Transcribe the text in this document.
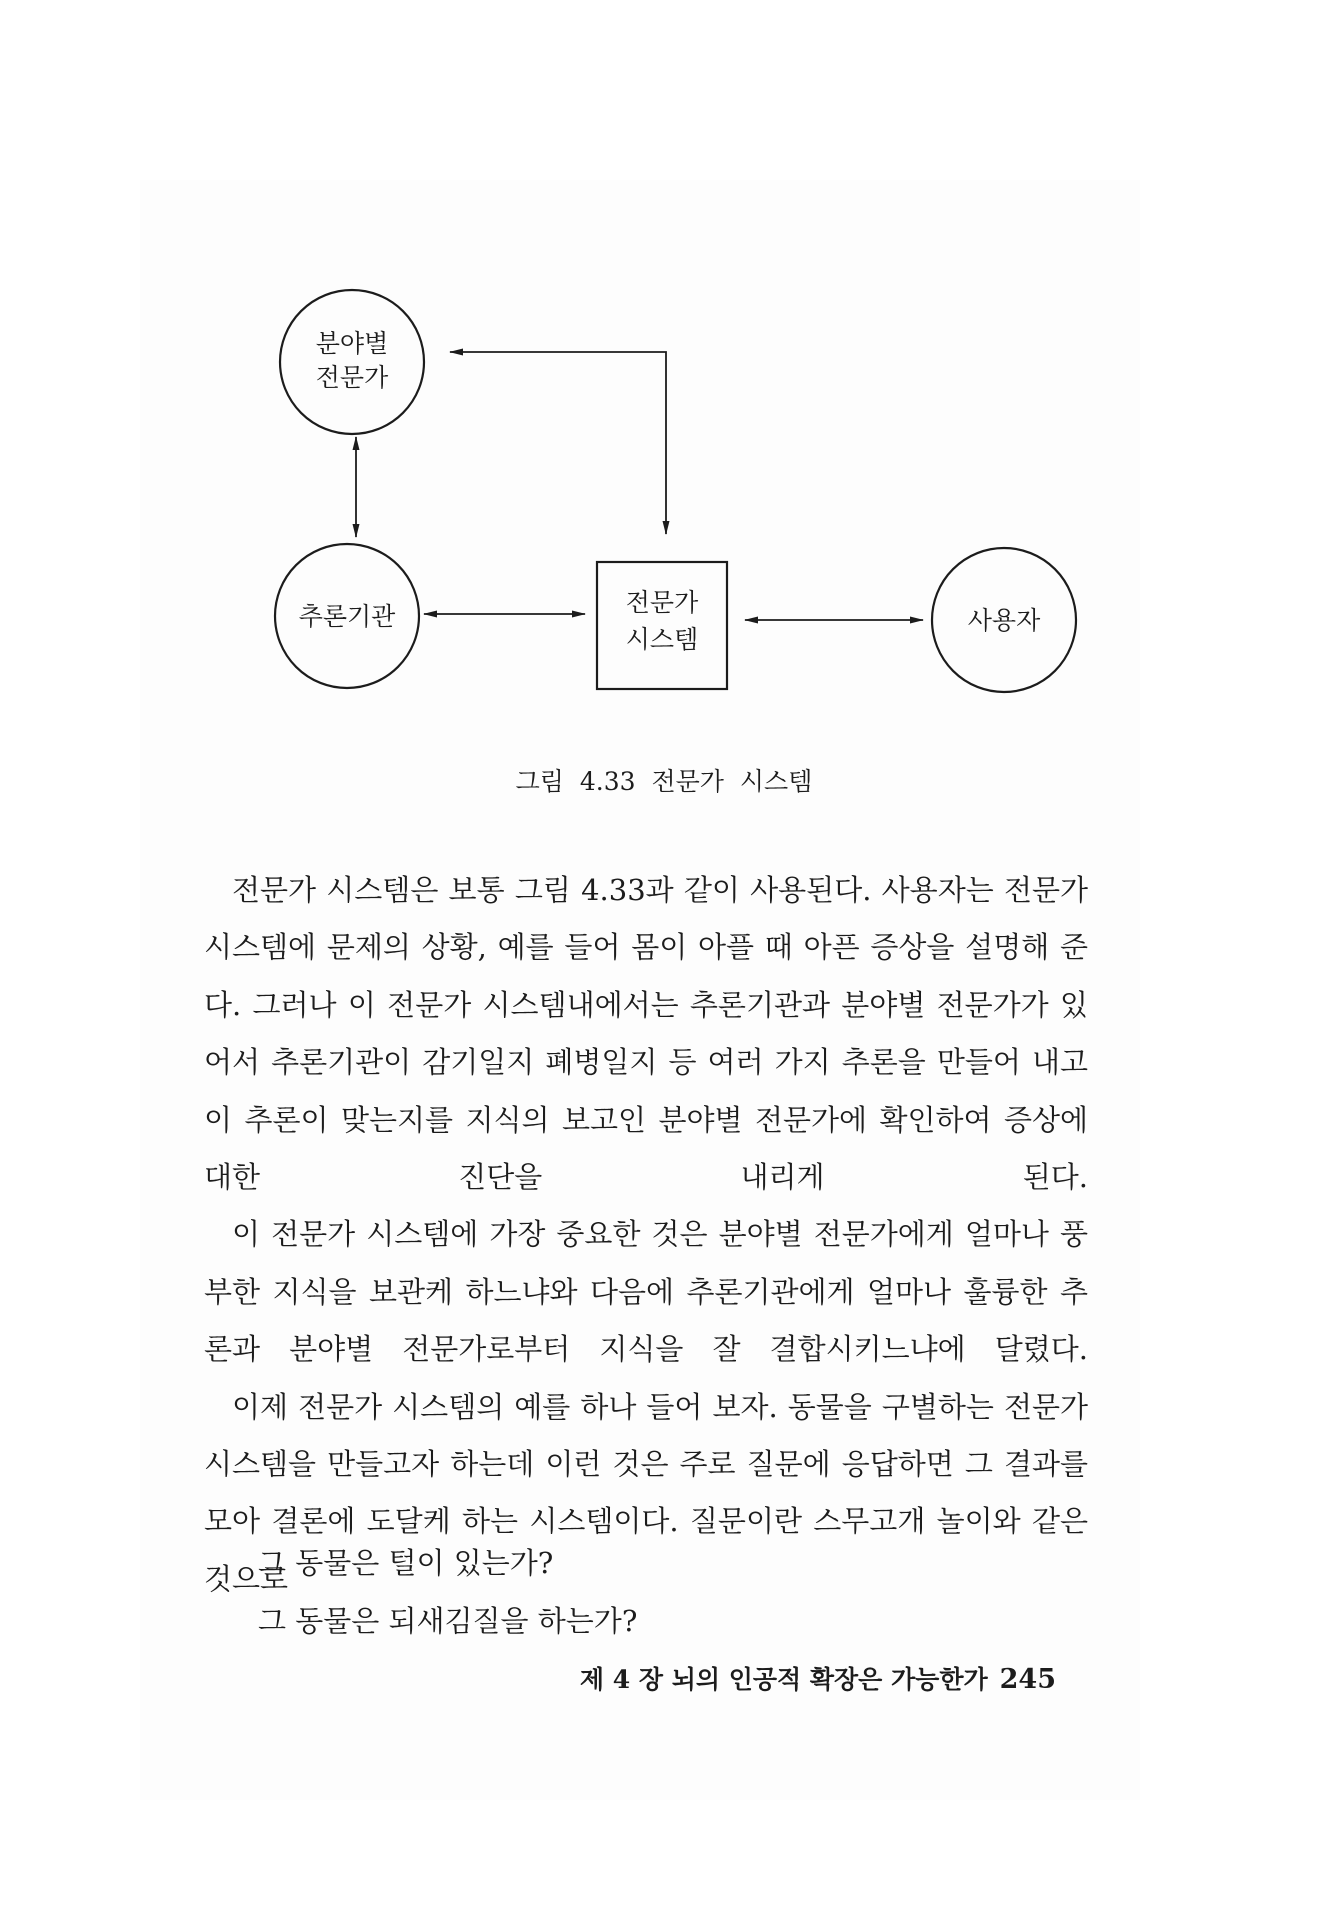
분야별
전문가
추론기관	전문가
시스템
사용자
그림 4.33 전문가 시스템

전문가 시스템은 보통 그림 4.33과 같이 사용된다. 사용자는 전문가 시스템에 문제의 상황, 예를 들어 몸이 아플 때 아픈 증상을 설명해 준다. 그러나 이 전문가 시스템내에서는 추론기관과 분야별 전문가가 있어서 추론기관이 감기일지 폐병일지 등 여러 가지 추론을 만들어 내고 이 추론이 맞는지를 지식의 보고인 분야별 전문가에 확인하여 증상에 대한 진단을 내리게 된다.

이 전문가 시스템에 가장 중요한 것은 분야별 전문가에게 얼마나 풍부한 지식을 보관케 하느냐와 다음에 추론기관에게 얼마나 훌륭한 추론과 분야별 전문가로부터 지식을 잘 결합시키느냐에 달렸다.

이제 전문가 시스템의 예를 하나 들어 보자. 동물을 구별하는 전문가 시스템을 만들고자 하는데 이런 것은 주로 질문에 응답하면 그 결과를 모아 결론에 도달케 하는 시스템이다. 질문이란 스무고개 놀이와 같은 것으로

그 동물은 털이 있는가?
그 동물은 되새김질을 하는가?
제 4 장 뇌의 인공적 확장은 가능한가 245
